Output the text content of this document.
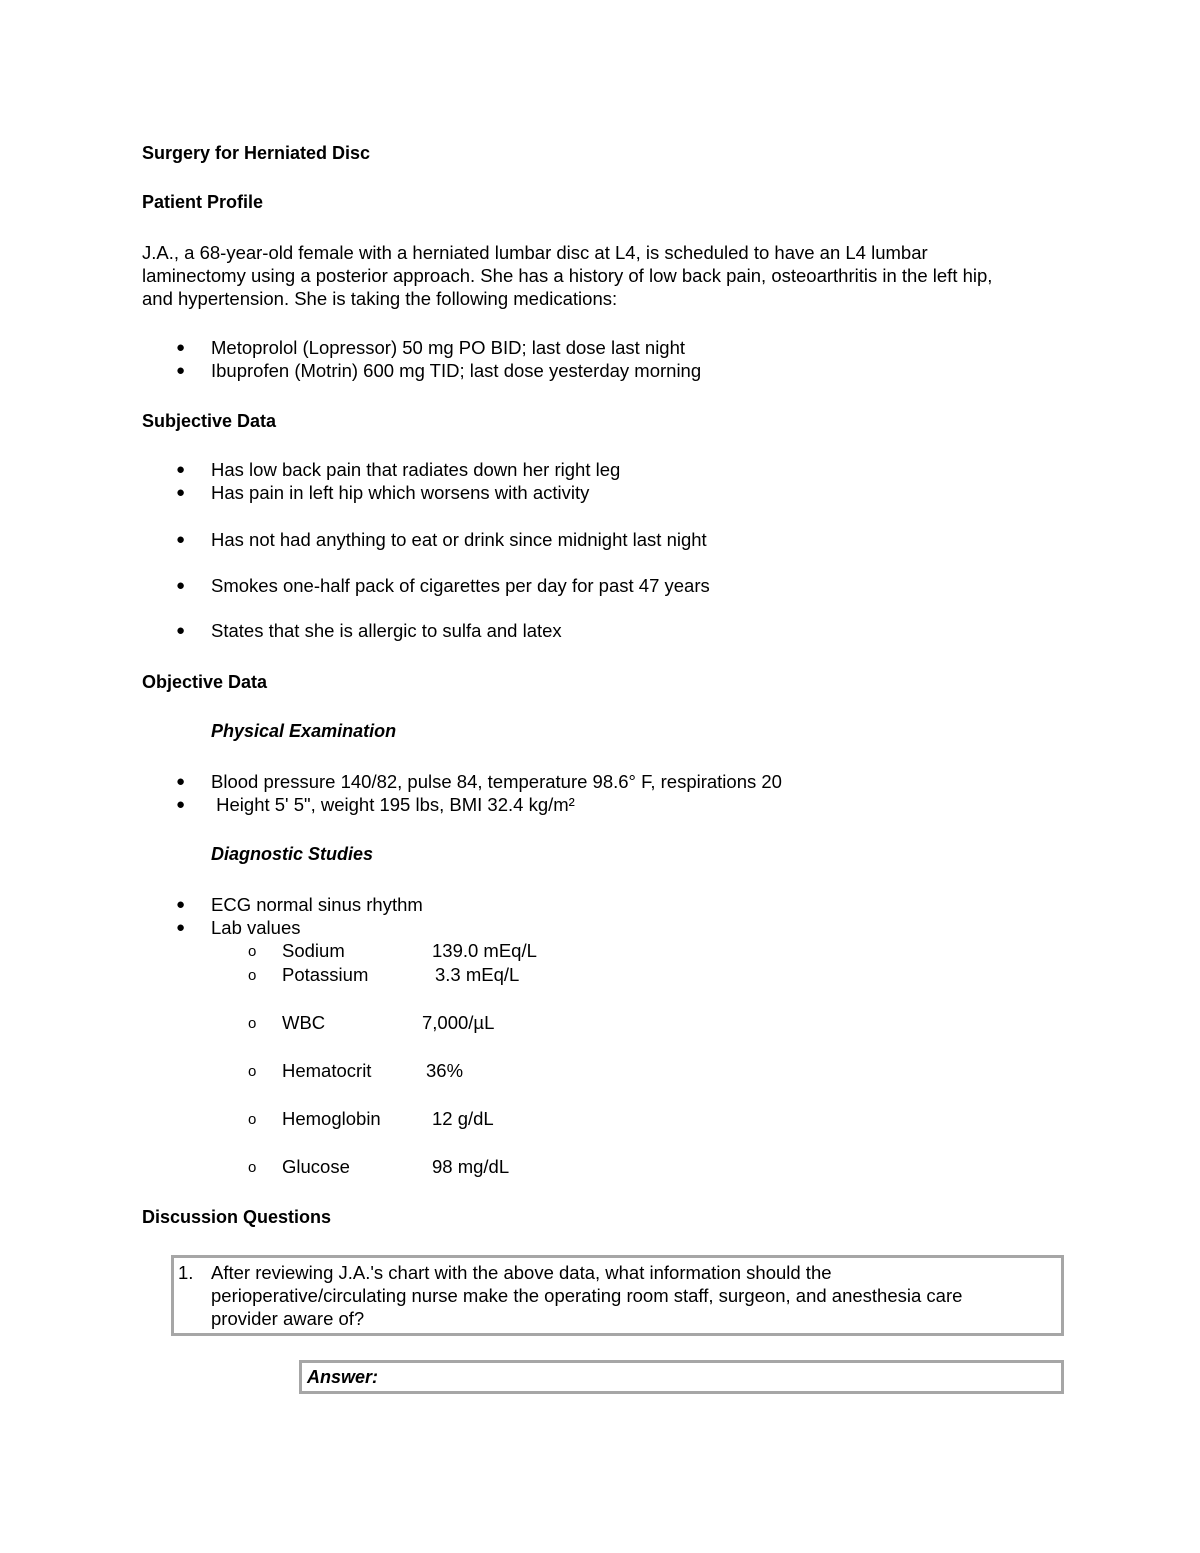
Surgery for Herniated Disc
Patient Profile
J.A., a 68-year-old female with a herniated lumbar disc at L4, is scheduled to have an L4 lumbar
laminectomy using a posterior approach. She has a history of low back pain, osteoarthritis in the left hip,
and hypertension. She is taking the following medications:
● Metoprolol (Lopressor) 50 mg PO BID; last dose last night
● Ibuprofen (Motrin) 600 mg TID; last dose yesterday morning
Subjective Data
● Has low back pain that radiates down her right leg
● Has pain in left hip which worsens with activity
● Has not had anything to eat or drink since midnight last night
● Smokes one-half pack of cigarettes per day for past 47 years
● States that she is allergic to sulfa and latex
Objective Data
Physical Examination
● Blood pressure 140/82, pulse 84, temperature 98.6° F, respirations 20
● Height 5' 5", weight 195 lbs, BMI 32.4 kg/m²
Diagnostic Studies
● ECG normal sinus rhythm
● Lab values
o Sodium	139.0 mEq/L
o Potassium	3.3 mEq/L
o WBC	7,000/µL
o Hematocrit	36%
o Hemoglobin	12 g/dL
o Glucose	98 mg/dL
Discussion Questions
1. After reviewing J.A.'s chart with the above data, what information should the
perioperative/circulating nurse make the operating room staff, surgeon, and anesthesia care
provider aware of?
Answer:
